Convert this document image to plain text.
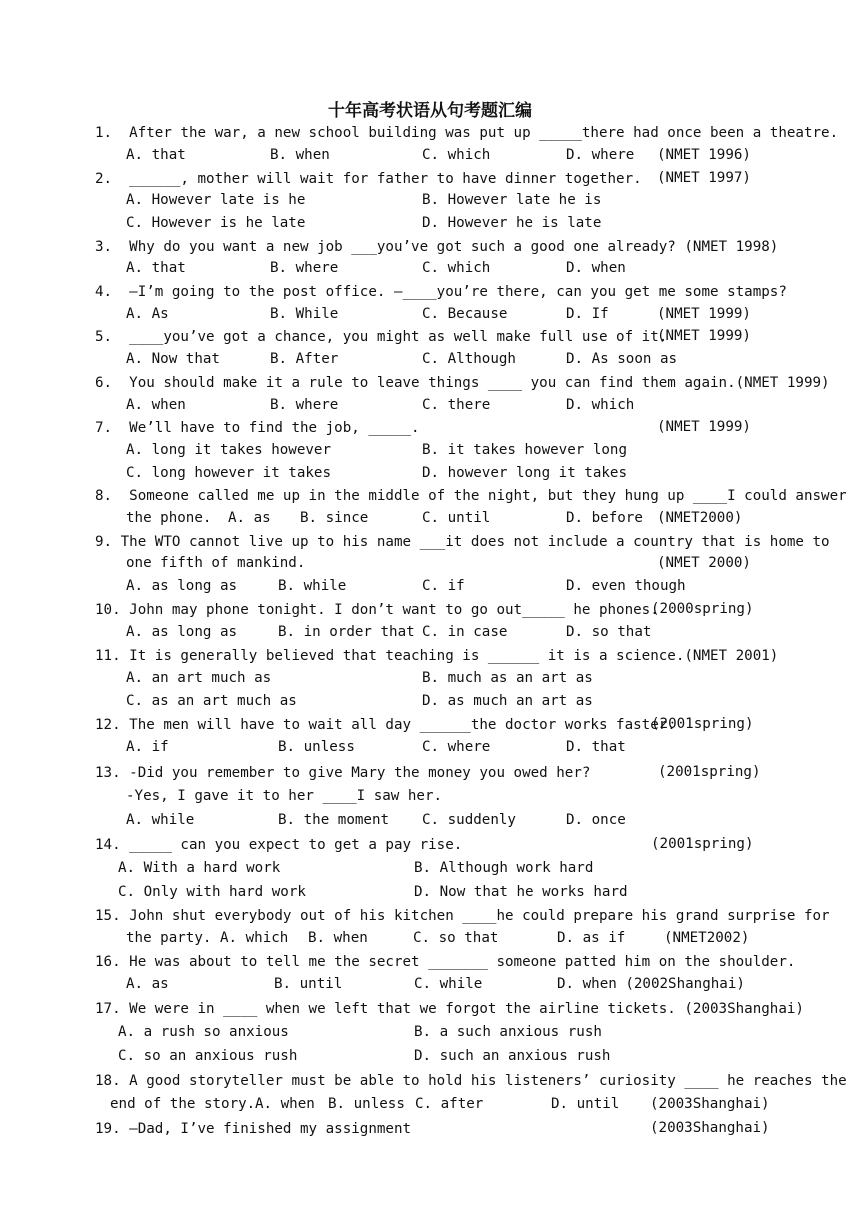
十年高考状语从句考题汇编
1.  After the war, a new school building was put up _____there had once been a theatre.
A. that	B. when	C. which	D. where (NMET 1996)
2.  ______, mother will wait for father to have dinner together. (NMET 1997)
A. However late is he	B. However late he is
C. However is he late	D. However he is late
3.  Why do you want a new job ___you’ve got such a good one already? (NMET 1998)
A. that	B. where	C. which	D. when
4.  —I’m going to the post office. —____you’re there, can you get me some stamps?
A. As	B. While	C. Because	D. If	(NMET 1999)
5.  ____you’ve got a chance, you might as well make full use of it.
(NMET 1999)
A. Now that	B. After	C. Although	D. As soon as
6.  You should make it a rule to leave things ____ you can find them again.(NMET 1999)
A. when	B. where	C. there	D. which
7.  We’ll have to find the job, _____.	(NMET 1999)
A. long it takes however	B. it takes however long
C. long however it takes	D. however long it takes
8.  Someone called me up in the middle of the night, but they hung up ____I could answer
the phone. A. as B. since	C. until	D. before (NMET2000)
9. The WTO cannot live up to his name ___it does not include a country that is home to
one fifth of mankind.	(NMET 2000)
A. as long as	B. while	C. if	D. even though
10. John may phone tonight. I don’t want to go out_____ he phones.
(2000spring)
A. as long as	B. in order that C. in case	D. so that
11. It is generally believed that teaching is ______ it is a science.(NMET 2001)
A. an art much as	B. much as an art as
C. as an art much as	D. as much an art as
12. The men will have to wait all day ______the doctor works faster.
(2001spring)
A. if	B. unless	C. where	D. that
13. -Did you remember to give Mary the money you owed her?	(2001spring)
-Yes, I gave it to her ____I saw her.
A. while	B. the moment C. suddenly	D. once
14. _____ can you expect to get a pay rise.	(2001spring)
A. With a hard work	B. Although work hard
C. Only with hard work	D. Now that he works hard
15. John shut everybody out of his kitchen ____he could prepare his grand surprise for
the party. A. which B. when	C. so that	D. as if	(NMET2002)
16. He was about to tell me the secret _______ someone patted him on the shoulder.
A. as	B. until	C. while	D. when (2002Shanghai)
17. We were in ____ when we left that we forgot the airline tickets. (2003Shanghai)
A. a rush so anxious	B. a such anxious rush
C. so an anxious rush	D. such an anxious rush
18. A good storyteller must be able to hold his listeners’ curiosity ____ he reaches the
end of the story. A. when B. unless C. after	D. until (2003Shanghai)
19. —Dad, I’ve finished my assignment	(2003Shanghai)
